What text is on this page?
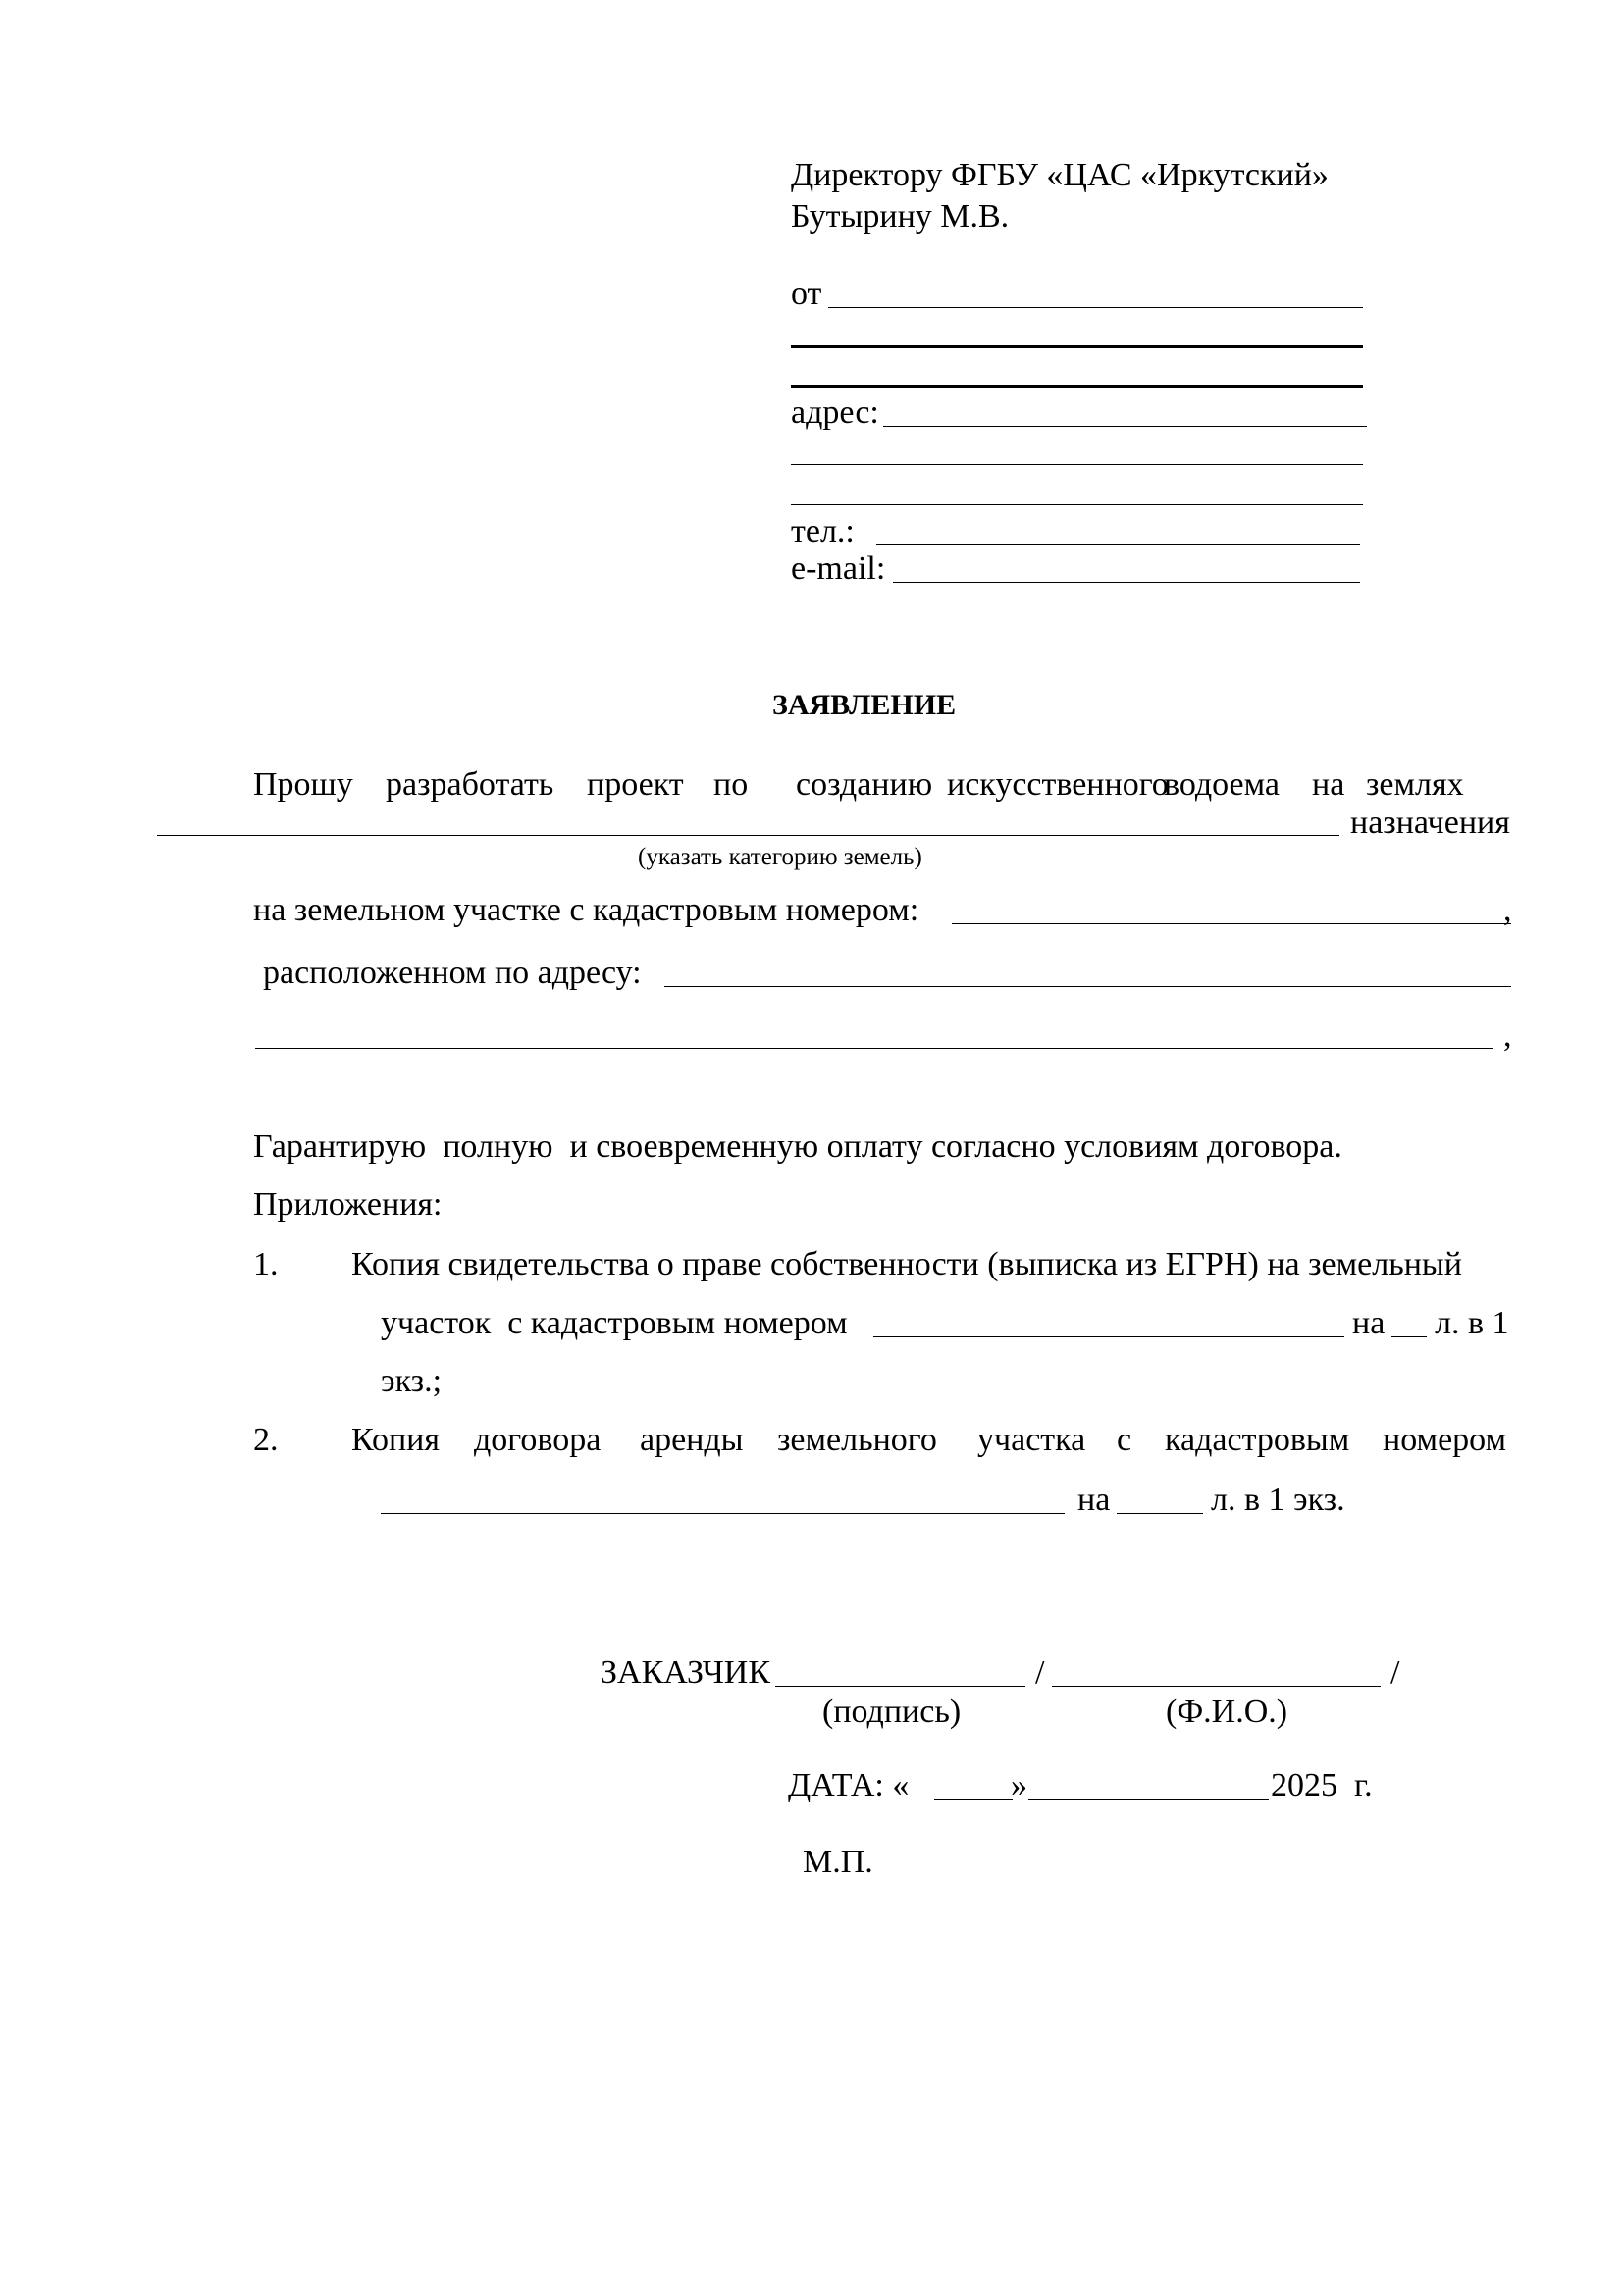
Директору ФГБУ «ЦАС «Иркутский»
Бутырину М.В.
от
адрес:
тел.:
e-mail:
ЗАЯВЛЕНИЕ
Прошу разработать проект по созданию искусственного
водоема на землях
назначения
(указать категорию земель)
на земельном участке с кадастровым номером:	,
расположенном по адресу:
,
Гарантирую  полную  и своевременную оплату согласно условиям договора.
Приложения:
1. Копия свидетельства о праве собственности (выписка из ЕГРН) на земельный
участок  с кадастровым номером	на л. в 1
экз.;
2. Копия договора аренды земельного участка с кадастровым номером
на	л. в 1 экз.
ЗАКАЗЧИК	/	/
(подпись)	(Ф.И.О.)
ДАТА: «	»	2025  г.
М.П.
